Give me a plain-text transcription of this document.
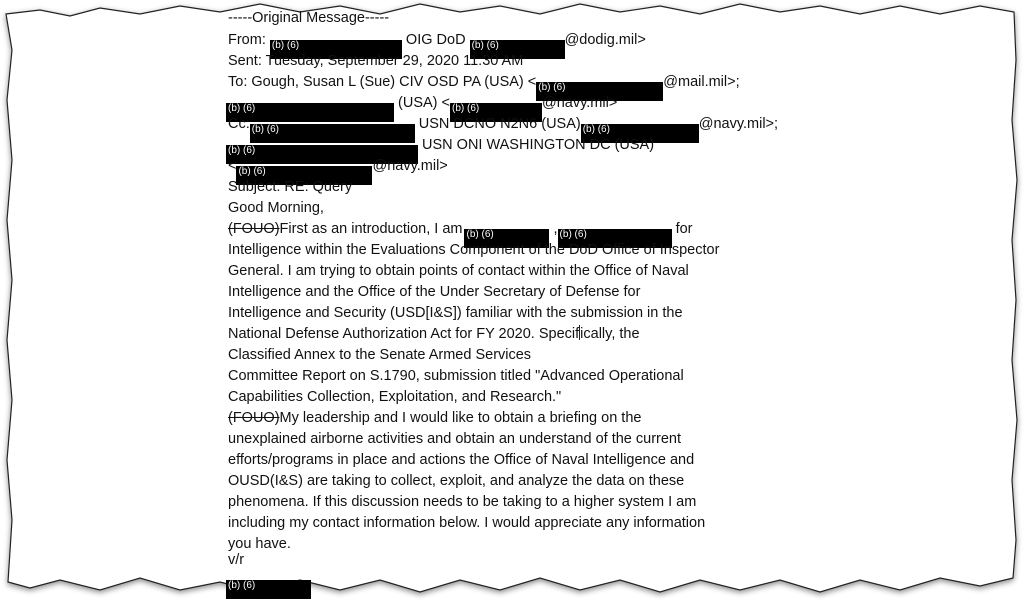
-----Original Message-----
From: (b) (6)	OIG DoD (b) (6)	@dodig.mil>
Sent: Tuesday, September 29, 2020 11:30 AM
To: Gough, Susan L (Sue) CIV OSD PA (USA) < (b) (6)	@mail.mil>;
(b) (6)	(USA) < (b) (6)	@navy.mil>
Cc: (b) (6)	USN DCNO N2N6 (USA) (b) (6)	@navy.mil>;
(b) (6)	USN ONI WASHINGTON DC (USA)
< (b) (6)	@navy.mil>
Subject: RE: Query
Good Morning,
(FOUO)First as an introduction, I am (b) (6)	, (b) (6)	for
Intelligence within the Evaluations Component of the DoD Office of Inspector
General. I am trying to obtain points of contact within the Office of Naval
Intelligence and the Office of the Under Secretary of Defense for
Intelligence and Security (USD[I&S]) familiar with the submission in the
National Defense Authorization Act for FY 2020. Specifically, the
Classified Annex to the Senate Armed Services
Committee Report on S.1790, submission titled "Advanced Operational
Capabilities Collection, Exploitation, and Research."
(FOUO)My leadership and I would like to obtain a briefing on the
unexplained airborne activities and obtain an understand of the current
efforts/programs in place and actions the Office of Naval Intelligence and
OUSD(I&S) are taking to collect, exploit, and analyze the data on these
phenomena. If this discussion needs to be taking to a higher system I am
including my contact information below. I would appreciate any information
you have.
v/r
(b) (6)
